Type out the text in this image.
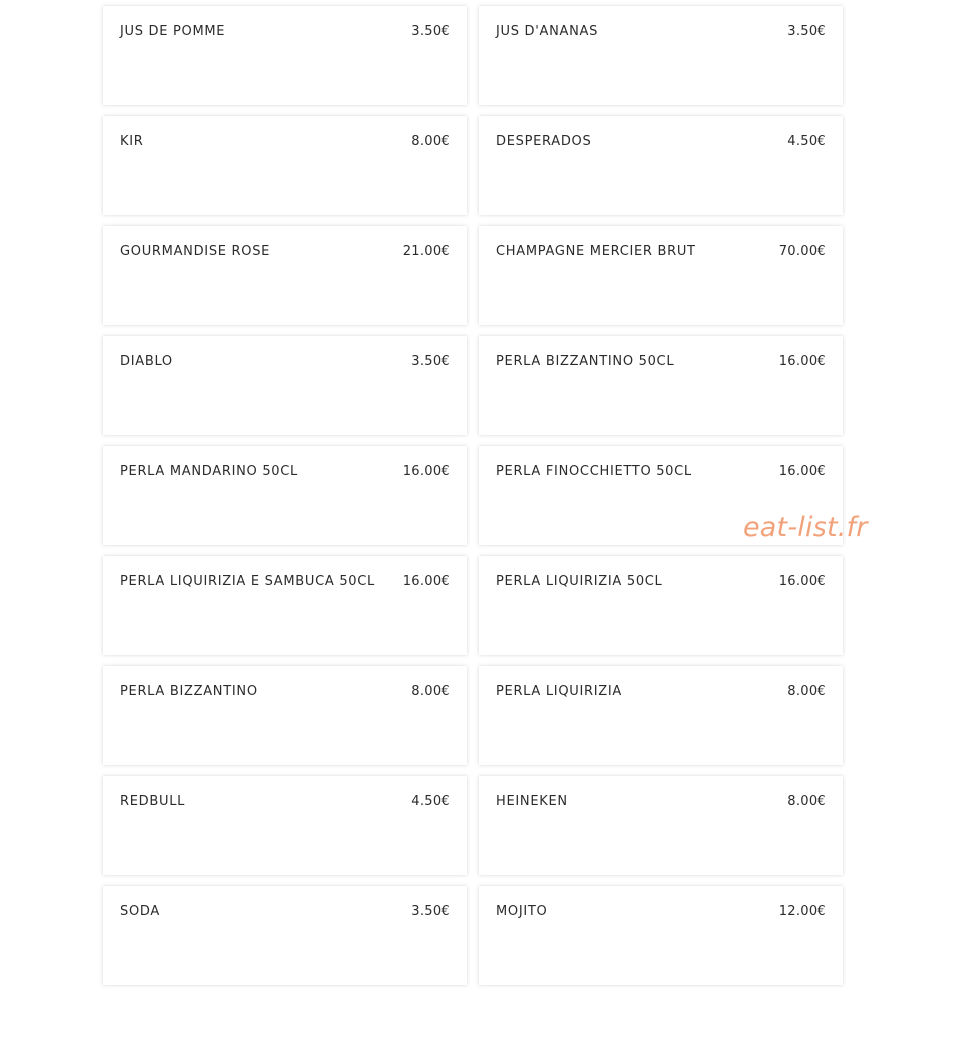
JUS DE POMME	3.50€	JUS D'ANANAS	3.50€
KIR	8.00€	DESPERADOS	4.50€
GOURMANDISE ROSE	21.00€	CHAMPAGNE MERCIER BRUT	70.00€
DIABLO	3.50€	PERLA BIZZANTINO 50CL	16.00€
PERLA MANDARINO 50CL	16.00€	PERLA FINOCCHIETTO 50CL	16.00€
PERLA LIQUIRIZIA E SAMBUCA 50CL 16.00€	PERLA LIQUIRIZIA 50CL	16.00€
PERLA BIZZANTINO	8.00€	PERLA LIQUIRIZIA	8.00€
REDBULL	4.50€	HEINEKEN	8.00€
SODA	3.50€	MOJITO	12.00€
eat-list.fr
